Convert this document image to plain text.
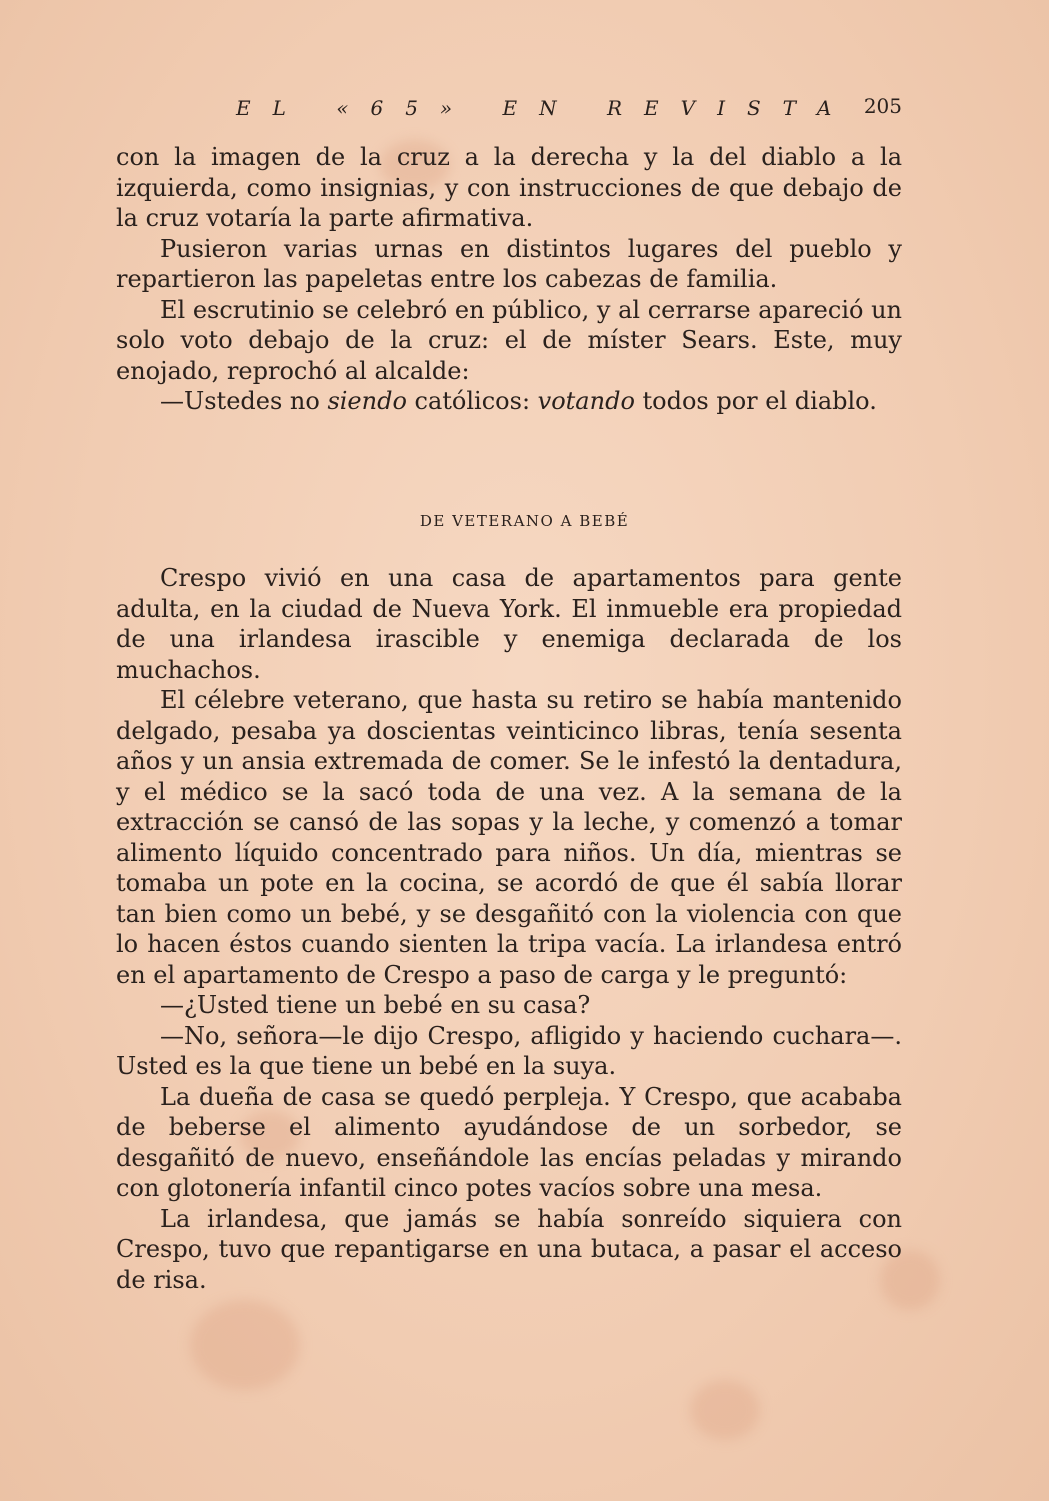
EL «65» EN REVISTA 205

con la imagen de la cruz a la derecha y la del diablo a la izquierda, como insignias, y con instrucciones de que debajo de la cruz votaría la parte afirmativa.

Pusieron varias urnas en distintos lugares del pueblo y repartieron las papeletas entre los cabezas de familia.

El escrutinio se celebró en público, y al cerrarse apareció un solo voto debajo de la cruz: el de míster Sears. Este, muy enojado, reprochó al alcalde:

—Ustedes no siendo católicos: votando todos por el diablo.

DE VETERANO A BEBÉ

Crespo vivió en una casa de apartamentos para gente adulta, en la ciudad de Nueva York. El inmueble era propiedad de una irlandesa irascible y enemiga declarada de los muchachos.

El célebre veterano, que hasta su retiro se había mantenido delgado, pesaba ya doscientas veinticinco libras, tenía sesenta años y un ansia extremada de comer. Se le infestó la dentadura, y el médico se la sacó toda de una vez. A la semana de la extracción se cansó de las sopas y la leche, y comenzó a tomar alimento líquido concentrado para niños. Un día, mientras se tomaba un pote en la cocina, se acordó de que él sabía llorar tan bien como un bebé, y se desgañitó con la violencia con que lo hacen éstos cuando sienten la tripa vacía. La irlandesa entró en el apartamento de Crespo a paso de carga y le preguntó:

—¿Usted tiene un bebé en su casa?

—No, señora—le dijo Crespo, afligido y haciendo cuchara—. Usted es la que tiene un bebé en la suya.

La dueña de casa se quedó perpleja. Y Crespo, que acababa de beberse el alimento ayudándose de un sorbedor, se desgañitó de nuevo, enseñándole las encías peladas y mirando con glotonería infantil cinco potes vacíos sobre una mesa.

La irlandesa, que jamás se había sonreído siquiera con Crespo, tuvo que repantigarse en una butaca, a pasar el acceso de risa.
